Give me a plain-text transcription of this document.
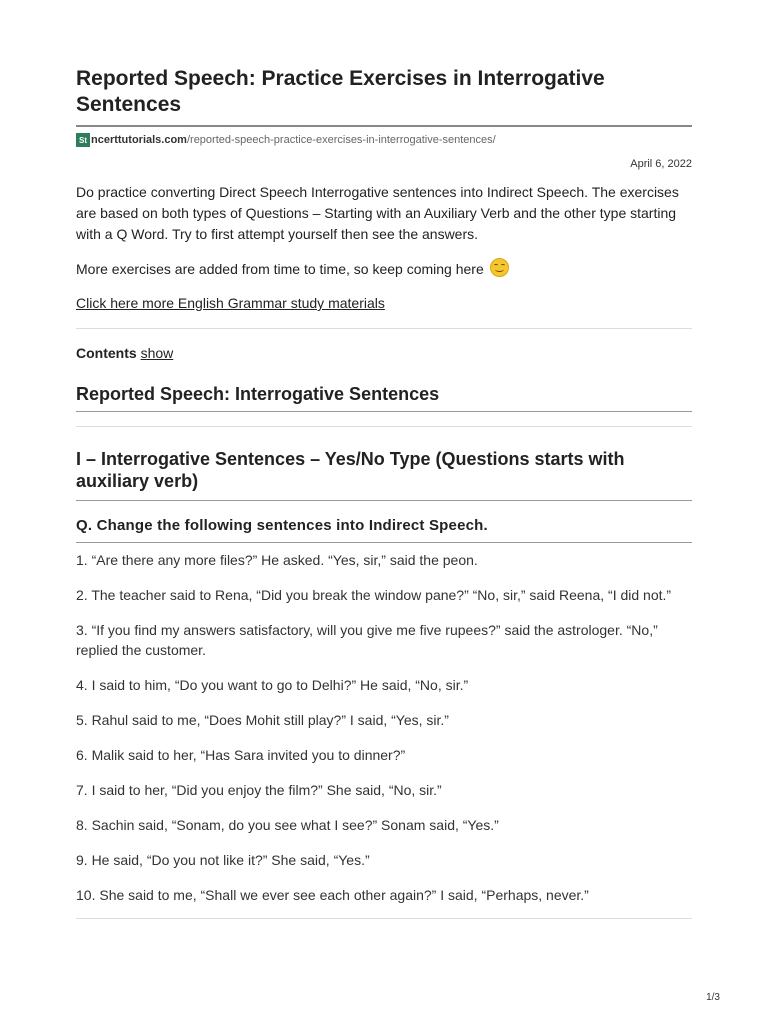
Reported Speech: Practice Exercises in Interrogative Sentences
St ncerttutorials.com /reported-speech-practice-exercises-in-interrogative-sentences/
April 6, 2022

Do practice converting Direct Speech Interrogative sentences into Indirect Speech. The exercises are based on both types of Questions – Starting with an Auxiliary Verb and the other type starting with a Q Word. Try to first attempt yourself then see the answers.

More exercises are added from time to time, so keep coming here

Click here more English Grammar study materials

Contents show
Reported Speech: Interrogative Sentences
I – Interrogative Sentences – Yes/No Type (Questions starts with auxiliary verb)
Q. Change the following sentences into Indirect Speech.
1. “Are there any more files?” He asked. “Yes, sir,” said the peon.
2. The teacher said to Rena, “Did you break the window pane?” “No, sir,” said Reena, “I did not.”
3. “If you find my answers satisfactory, will you give me five rupees?” said the astrologer. “No,” replied the customer.
4. I said to him, “Do you want to go to Delhi?” He said, “No, sir.”
5. Rahul said to me, “Does Mohit still play?” I said, “Yes, sir.”
6. Malik said to her, “Has Sara invited you to dinner?”
7. I said to her, “Did you enjoy the film?” She said, “No, sir.”
8. Sachin said, “Sonam, do you see what I see?” Sonam said, “Yes.”
9. He said, “Do you not like it?” She said, “Yes.”
10. She said to me, “Shall we ever see each other again?” I said, “Perhaps, never.”
1/3
